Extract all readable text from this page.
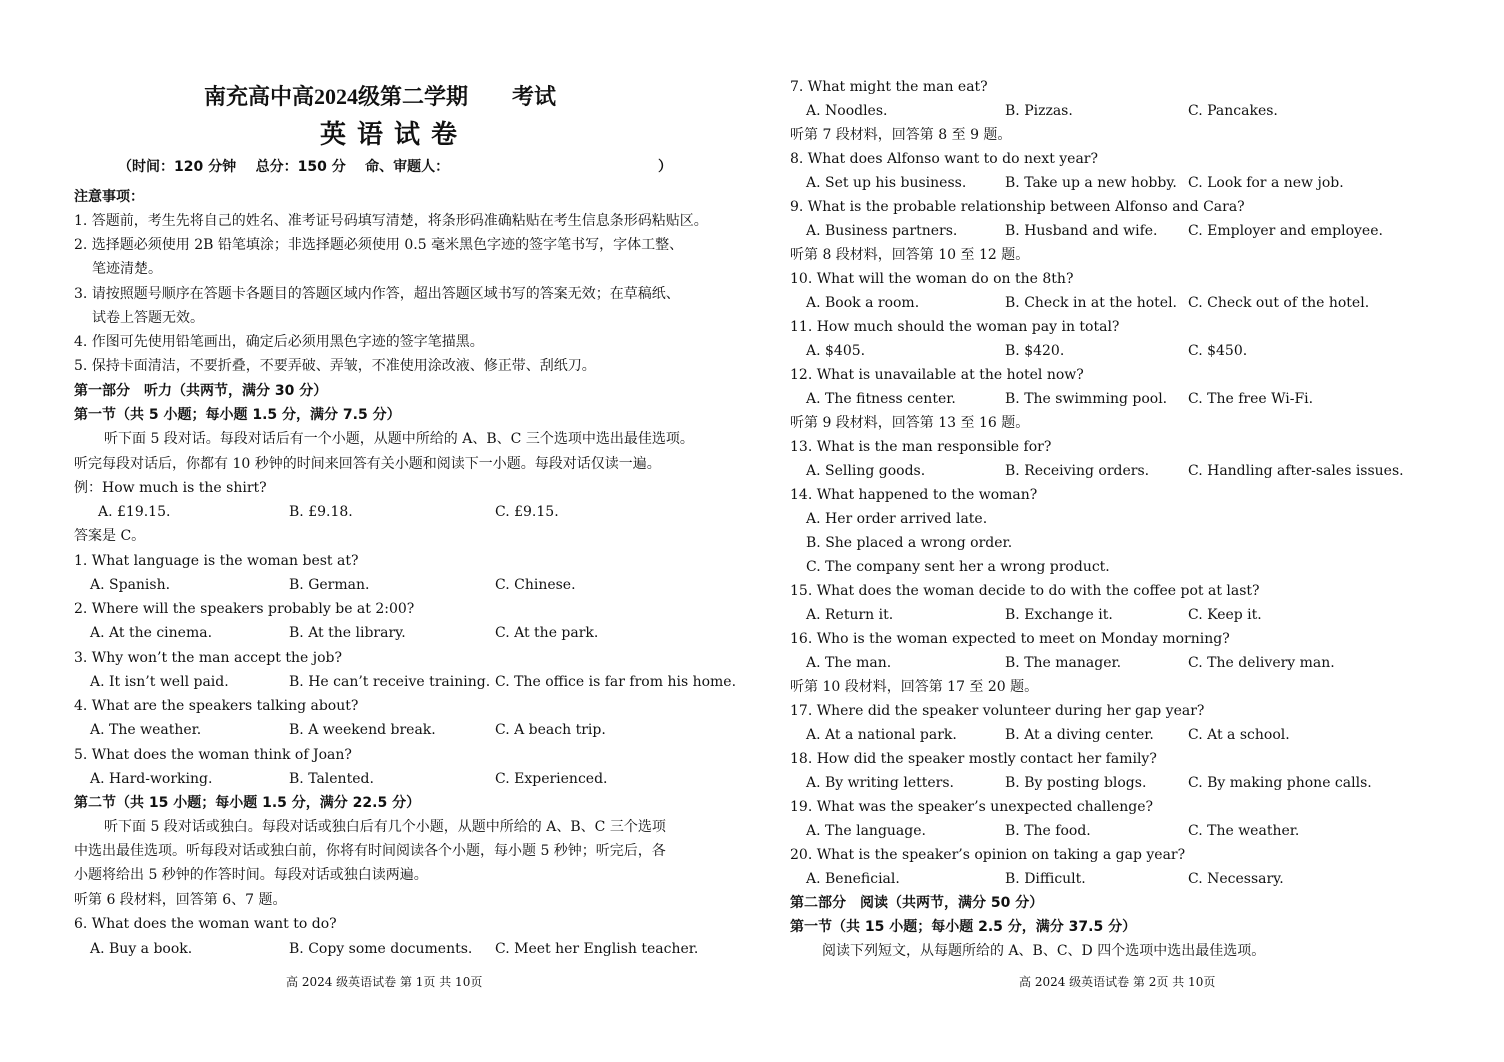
南充高中高2024级第二学期 考试
英语试卷
（时间：120 分钟    总分：150 分    命、审题人：	）
注意事项：
1. 答题前，考生先将自己的姓名、准考证号码填写清楚，将条形码准确粘贴在考生信息条形码粘贴区。
2. 选择题必须使用 2B 铅笔填涂；非选择题必须使用 0.5 毫米黑色字迹的签字笔书写，字体工整、
笔迹清楚。
3. 请按照题号顺序在答题卡各题目的答题区域内作答，超出答题区域书写的答案无效；在草稿纸、
试卷上答题无效。
4. 作图可先使用铅笔画出，确定后必须用黑色字迹的签字笔描黑。
5. 保持卡面清洁，不要折叠，不要弄破、弄皱，不准使用涂改液、修正带、刮纸刀。
第一部分　听力（共两节，满分 30 分）
第一节（共 5 小题；每小题 1.5 分，满分 7.5 分）
听下面 5 段对话。每段对话后有一个小题，从题中所给的 A、B、C 三个选项中选出最佳选项。
听完每段对话后，你都有 10 秒钟的时间来回答有关小题和阅读下一小题。每段对话仅读一遍。
例：How much is the shirt?
A. £19.15.	B. £9.18.	C. £9.15.
答案是 C。
1. What language is the woman best at?
A. Spanish.	B. German.	C. Chinese.
2. Where will the speakers probably be at 2:00?
A. At the cinema.	B. At the library.	C. At the park.
3. Why won’t the man accept the job?
A. It isn’t well paid.	B. He can’t receive training. C. The office is far from his home.
4. What are the speakers talking about?
A. The weather.	B. A weekend break.	C. A beach trip.
5. What does the woman think of Joan?
A. Hard-working.	B. Talented.	C. Experienced.
第二节（共 15 小题；每小题 1.5 分，满分 22.5 分）
听下面 5 段对话或独白。每段对话或独白后有几个小题，从题中所给的 A、B、C 三个选项
中选出最佳选项。听每段对话或独白前，你将有时间阅读各个小题，每小题 5 秒钟；听完后，各
小题将给出 5 秒钟的作答时间。每段对话或独白读两遍。
听第 6 段材料，回答第 6、7 题。
6. What does the woman want to do?
A. Buy a book.	B. Copy some documents. C. Meet her English teacher.
高 2024 级英语试卷 第 1页 共 10页
7. What might the man eat?
A. Noodles.	B. Pizzas.	C. Pancakes.
听第 7 段材料，回答第 8 至 9 题。
8. What does Alfonso want to do next year?
A. Set up his business.	B. Take up a new hobby. C. Look for a new job.
9. What is the probable relationship between Alfonso and Cara?
A. Business partners.	B. Husband and wife. C. Employer and employee.
听第 8 段材料，回答第 10 至 12 题。
10. What will the woman do on the 8th?
A. Book a room.	B. Check in at the hotel. C. Check out of the hotel.
11. How much should the woman pay in total?
A. $405.	B. $420.	C. $450.
12. What is unavailable at the hotel now?
A. The fitness center.	B. The swimming pool. C. The free Wi-Fi.
听第 9 段材料，回答第 13 至 16 题。
13. What is the man responsible for?
A. Selling goods.	B. Receiving orders.	C. Handling after-sales issues.
14. What happened to the woman?
A. Her order arrived late.
B. She placed a wrong order.
C. The company sent her a wrong product.
15. What does the woman decide to do with the coffee pot at last?
A. Return it.	B. Exchange it.	C. Keep it.
16. Who is the woman expected to meet on Monday morning?
A. The man.	B. The manager.	C. The delivery man.
听第 10 段材料，回答第 17 至 20 题。
17. Where did the speaker volunteer during her gap year?
A. At a national park.	B. At a diving center. C. At a school.
18. How did the speaker mostly contact her family?
A. By writing letters.	B. By posting blogs.	C. By making phone calls.
19. What was the speaker’s unexpected challenge?
A. The language.	B. The food.	C. The weather.
20. What is the speaker’s opinion on taking a gap year?
A. Beneficial.	B. Difficult.	C. Necessary.
第二部分　阅读（共两节，满分 50 分）
第一节（共 15 小题；每小题 2.5 分，满分 37.5 分）
阅读下列短文，从每题所给的 A、B、C、D 四个选项中选出最佳选项。
高 2024 级英语试卷 第 2页 共 10页
